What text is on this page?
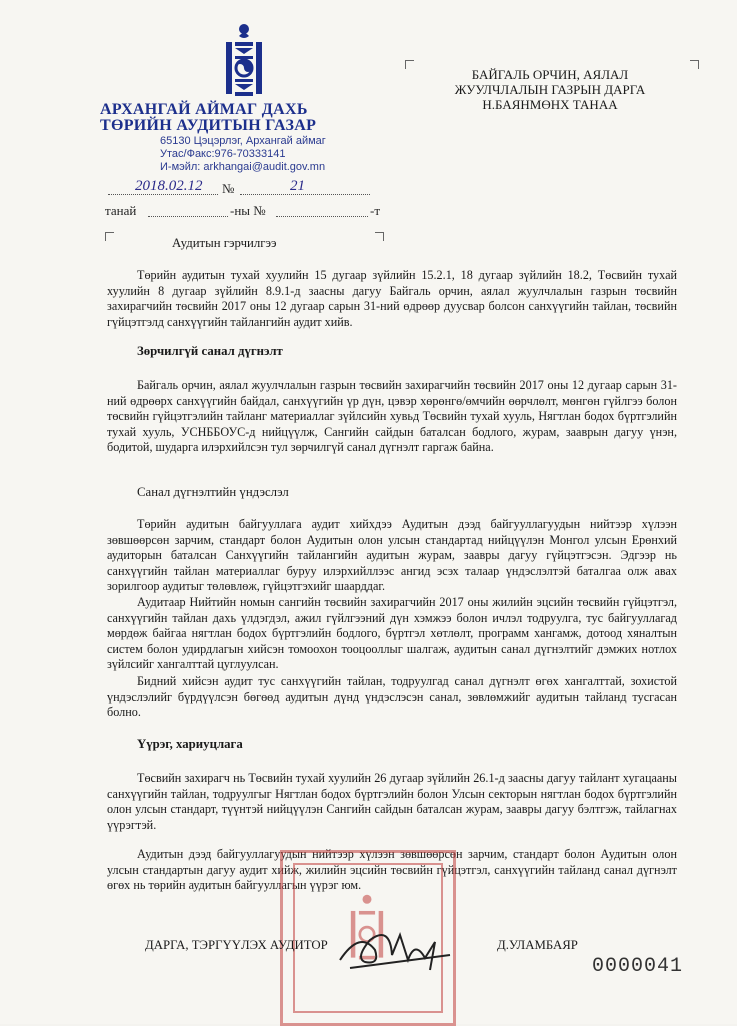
АРХАНГАЙ АЙМАГ ДАХЬ
ТӨРИЙН АУДИТЫН ГАЗАР
65130 Цэцэрлэг, Архангай аймаг
Утас/Факс:976-70333141
И-мэйл: arkhangai@audit.gov.mn
БАЙГАЛЬ ОРЧИН, АЯЛАЛ
ЖУУЛЧЛАЛЫН ГАЗРЫН ДАРГА
Н.БАЯНМӨНХ ТАНАА
2018.02.12 №	21
танай	-ны №	-т
Аудитын гэрчилгээ
Төрийн аудитын тухай хуулийн 15 дугаар зүйлийн 15.2.1, 18 дугаар зүйлийн 18.2, Төсвийн тухай хуулийн 8 дугаар зүйлийн 8.9.1-д заасны дагуу Байгаль орчин, аялал жуулчлалын газрын төсвийн захирагчийн төсвийн 2017 оны 12 дугаар сарын 31-ний өдрөөр дуусвар болсон санхүүгийн тайлан, төсвийн гүйцэтгэлд санхүүгийн тайлангийн аудит хийв.
Зөрчилгүй санал дүгнэлт
Байгаль орчин, аялал жуулчлалын газрын төсвийн захирагчийн төсвийн 2017 оны 12 дугаар сарын 31-ний өдрөөрх санхүүгийн байдал, санхүүгийн үр дүн, цэвэр хөрөнгө/өмчийн өөрчлөлт, мөнгөн гүйлгээ болон төсвийн гүйцэтгэлийн тайланг материаллаг зүйлсийн хувьд Төсвийн тухай хууль, Нягтлан бодох бүртгэлийн тухай хууль, УСНББОУС-д нийцүүлж, Сангийн сайдын баталсан бодлого, журам, зааврын дагуу үнэн, бодитой, шударга илэрхийлсэн тул зөрчилгүй санал дүгнэлт гаргаж байна.
Санал дүгнэлтийн үндэслэл
Төрийн аудитын байгууллага аудит хийхдээ Аудитын дээд байгууллагуудын нийтээр хүлээн зөвшөөрсөн зарчим, стандарт болон Аудитын олон улсын стандартад нийцүүлэн Монгол улсын Ерөнхий аудиторын баталсан Санхүүгийн тайлангийн аудитын журам, заавры дагуу гүйцэтгэсэн. Эдгээр нь санхүүгийн тайлан материаллаг буруу илэрхийллээс ангид эсэх талаар үндэслэлтэй баталгаа олж авах зорилгоор аудитыг төлөвлөж, гүйцэтгэхийг шаарддаг.
Аудитаар Нийтийн номын сангийн төсвийн захирагчийн 2017 оны жилийн эцсийн төсвийн гүйцэтгэл, санхүүгийн тайлан дахь үлдэгдэл, ажил гүйлгээний дүн хэмжээ болон ичлэл тодруулга, тус байгууллагад мөрдөж байгаа нягтлан бодох бүртгэлийн бодлого, бүртгэл хөтлөлт, программ хангамж, дотоод хяналтын систем болон удирдлагын хийсэн томоохон тооцооллыг шалгаж, аудитын санал дүгнэлтийг дэмжих нотлох зүйлсийг хангалттай цуглуулсан.
Бидний хийсэн аудит тус санхүүгийн тайлан, тодруулгад санал дүгнэлт өгөх хангалттай, зохистой үндэслэлийг бүрдүүлсэн бөгөөд аудитын дүнд үндэслэсэн санал, зөвлөмжийг аудитын тайланд тусгасан болно.
Үүрэг, хариуцлага
Төсвийн захирагч нь Төсвийн тухай хуулийн 26 дугаар зүйлийн 26.1-д заасны дагуу тайлант хугацааны санхүүгийн тайлан, тодруулгыг Нягтлан бодох бүртгэлийн болон Улсын секторын нягтлан бодох бүртгэлийн олон улсын стандарт, түүнтэй нийцүүлэн Сангийн сайдын баталсан журам, заавры дагуу бэлтгэж, тайлагнах үүрэгтэй.
Аудитын дээд байгууллагуудын нийтээр хүлээн зөвшөөрсөн зарчим, стандарт болон Аудитын олон улсын стандартын дагуу аудит хийж, жилийн эцсийн төсвийн гүйцэтгэл, санхүүгийн тайланд санал дүгнэлт өгөх нь төрийн аудитын байгууллагын үүрэг юм.
ДАРГА, ТЭРГҮҮЛЭХ АУДИТОР	Д.УЛАМБАЯР
0000041
